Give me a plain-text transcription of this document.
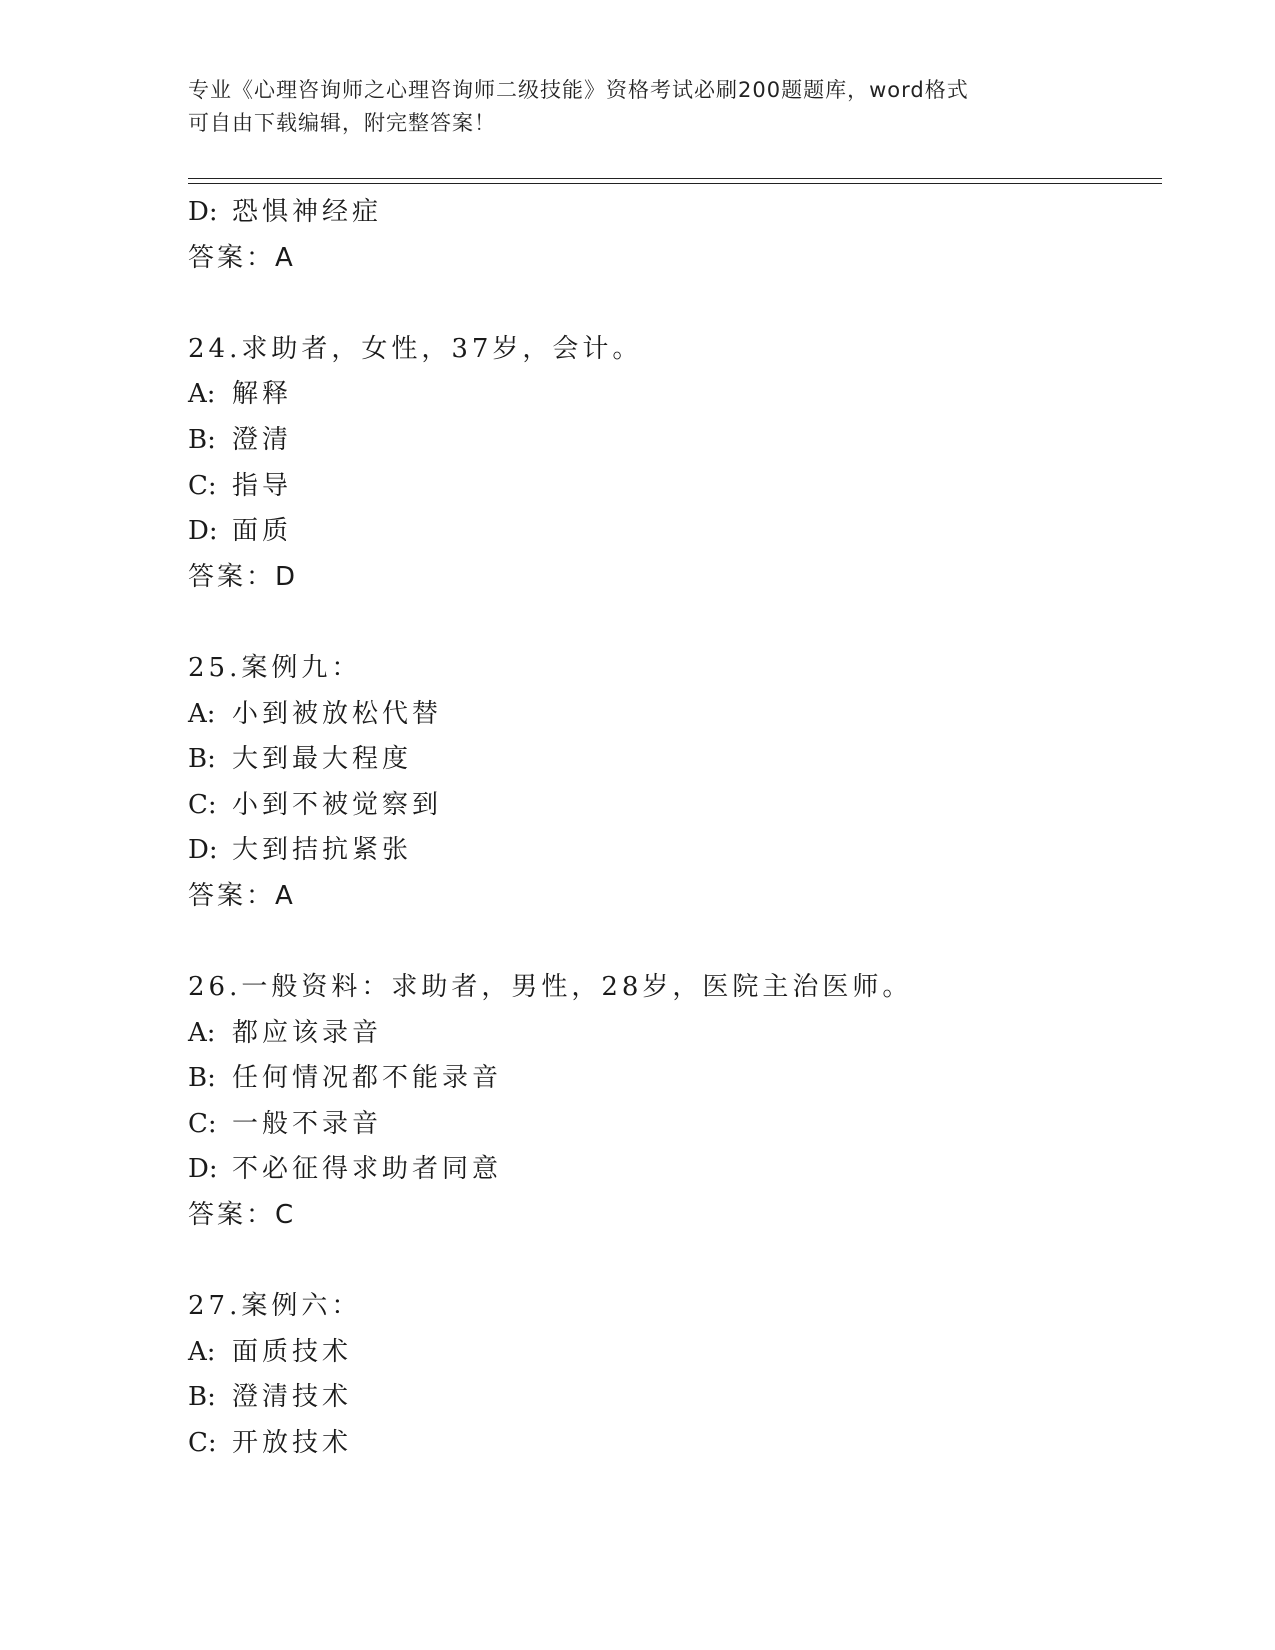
专业《心理咨询师之心理咨询师二级技能》资格考试必刷200题题库，word格式
可自由下载编辑，附完整答案！
D: 恐惧神经症
答案：A
24.求助者，女性，37岁，会计。
A: 解释
B: 澄清
C: 指导
D: 面质
答案：D
25.案例九：
A: 小到被放松代替
B: 大到最大程度
C: 小到不被觉察到
D: 大到拮抗紧张
答案：A
26.一般资料：求助者，男性，28岁，医院主治医师。
A: 都应该录音
B: 任何情况都不能录音
C: 一般不录音
D: 不必征得求助者同意
答案：C
27.案例六：
A: 面质技术
B: 澄清技术
C: 开放技术
